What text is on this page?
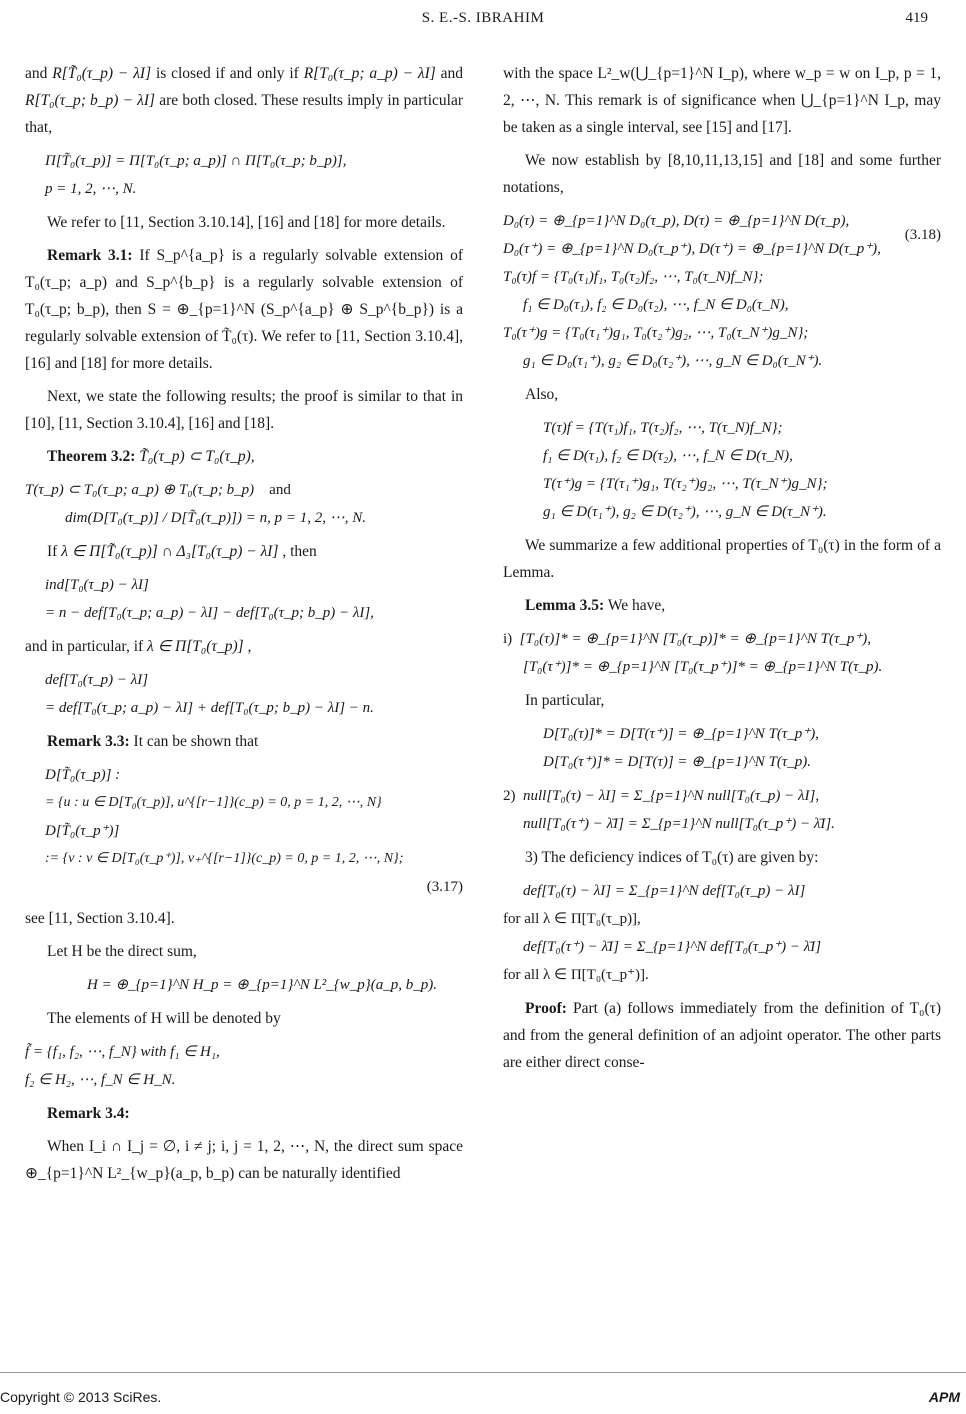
S. E.-S. IBRAHIM	419

and R[T̃₀(τ_p) − λI] is closed if and only if R[T₀(τ_p; a_p) − λI] and R[T₀(τ_p; b_p) − λI] are both closed. These results imply in particular that,

Π[T̃₀(τ_p)] = Π[T₀(τ_p; a_p)] ∩ Π[T₀(τ_p; b_p)],
p = 1, 2, ⋯, N.

We refer to [11, Section 3.10.14], [16] and [18] for more details.

Remark 3.1: If S_p^{a_p} is a regularly solvable extension of T₀(τ_p; a_p) and S_p^{b_p} is a regularly solvable extension of T₀(τ_p; b_p), then S = ⊕_{p=1}^N (S_p^{a_p} ⊕ S_p^{b_p}) is a regularly solvable extension of T̃₀(τ). We refer to [11, Section 3.10.4], [16] and [18] for more details.

Next, we state the following results; the proof is similar to that in [10], [11, Section 3.10.4], [16] and [18].

Theorem 3.2: T̃₀(τ_p) ⊂ T₀(τ_p),

T(τ_p) ⊂ T₀(τ_p; a_p) ⊕ T₀(τ_p; b_p) and
dim(D[T₀(τ_p)] / D[T̃₀(τ_p)]) = n, p = 1, 2, ⋯, N.

If λ ∈ Π[T̃₀(τ_p)] ∩ Δ₃[T₀(τ_p) − λI] , then

ind[T₀(τ_p) − λI]
= n − def[T₀(τ_p; a_p) − λI] − def[T₀(τ_p; b_p) − λI],

and in particular, if λ ∈ Π[T₀(τ_p)] ,

def[T₀(τ_p) − λI]
= def[T₀(τ_p; a_p) − λI] + def[T₀(τ_p; b_p) − λI] − n.

Remark 3.3: It can be shown that

D[T̃₀(τ_p)] :
= {u : u ∈ D[T₀(τ_p)], u^{[r−1]}(c_p) = 0, p = 1, 2, ⋯, N}
D[T̃₀(τ_p⁺)]
:= {v : v ∈ D[T₀(τ_p⁺)], v₊^{[r−1]}(c_p) = 0, p = 1, 2, ⋯, N};
(3.17)

see [11, Section 3.10.4].

Let H be the direct sum,

H = ⊕_{p=1}^N H_p = ⊕_{p=1}^N L²_{w_p}(a_p, b_p).

The elements of H will be denoted by

f̃ = {f₁, f₂, ⋯, f_N} with f₁ ∈ H₁,
f₂ ∈ H₂, ⋯, f_N ∈ H_N.

Remark 3.4:

When I_i ∩ I_j = ∅, i ≠ j; i, j = 1, 2, ⋯, N, the direct sum space ⊕_{p=1}^N L²_{w_p}(a_p, b_p) can be naturally identified

with the space L²_w(⋃_{p=1}^N I_p), where w_p = w on I_p, p = 1, 2, ⋯, N. This remark is of significance when ⋃_{p=1}^N I_p, may be taken as a single interval, see [15] and [17].

We now establish by [8,10,11,13,15] and [18] and some further notations,

D₀(τ) = ⊕_{p=1}^N D₀(τ_p), D(τ) = ⊕_{p=1}^N D(τ_p),
D₀(τ⁺) = ⊕_{p=1}^N D₀(τ_p⁺), D(τ⁺) = ⊕_{p=1}^N D(τ_p⁺),
(3.18)
T₀(τ)f = {T₀(τ₁)f₁, T₀(τ₂)f₂, ⋯, T₀(τ_N)f_N};
f₁ ∈ D₀(τ₁), f₂ ∈ D₀(τ₂), ⋯, f_N ∈ D₀(τ_N),
T₀(τ⁺)g = {T₀(τ₁⁺)g₁, T₀(τ₂⁺)g₂, ⋯, T₀(τ_N⁺)g_N};
g₁ ∈ D₀(τ₁⁺), g₂ ∈ D₀(τ₂⁺), ⋯, g_N ∈ D₀(τ_N⁺).

Also,

T(τ)f = {T(τ₁)f₁, T(τ₂)f₂, ⋯, T(τ_N)f_N};
f₁ ∈ D(τ₁), f₂ ∈ D(τ₂), ⋯, f_N ∈ D(τ_N),
T(τ⁺)g = {T(τ₁⁺)g₁, T(τ₂⁺)g₂, ⋯, T(τ_N⁺)g_N};
g₁ ∈ D(τ₁⁺), g₂ ∈ D(τ₂⁺), ⋯, g_N ∈ D(τ_N⁺).

We summarize a few additional properties of T₀(τ) in the form of a Lemma.

Lemma 3.5: We have,

i) [T₀(τ)]* = ⊕_{p=1}^N [T₀(τ_p)]* = ⊕_{p=1}^N T(τ_p⁺),
[T₀(τ⁺)]* = ⊕_{p=1}^N [T₀(τ_p⁺)]* = ⊕_{p=1}^N T(τ_p).

In particular,

D[T₀(τ)]* = D[T(τ⁺)] = ⊕_{p=1}^N T(τ_p⁺),
D[T₀(τ⁺)]* = D[T(τ)] = ⊕_{p=1}^N T(τ_p).
2) null[T₀(τ) − λI] = Σ_{p=1}^N null[T₀(τ_p) − λI],
null[T₀(τ⁺) − λ̄I] = Σ_{p=1}^N null[T₀(τ_p⁺) − λ̄I].

3) The deficiency indices of T₀(τ) are given by:

def[T₀(τ) − λI] = Σ_{p=1}^N def[T₀(τ_p) − λI]
for all λ ∈ Π[T₀(τ_p)],
def[T₀(τ⁺) − λ̄I] = Σ_{p=1}^N def[T₀(τ_p⁺) − λ̄I]
for all λ ∈ Π[T₀(τ_p⁺)].

Proof: Part (a) follows immediately from the definition of T₀(τ) and from the general definition of an adjoint operator. The other parts are either direct conse-

Copyright © 2013 SciRes.	APM
